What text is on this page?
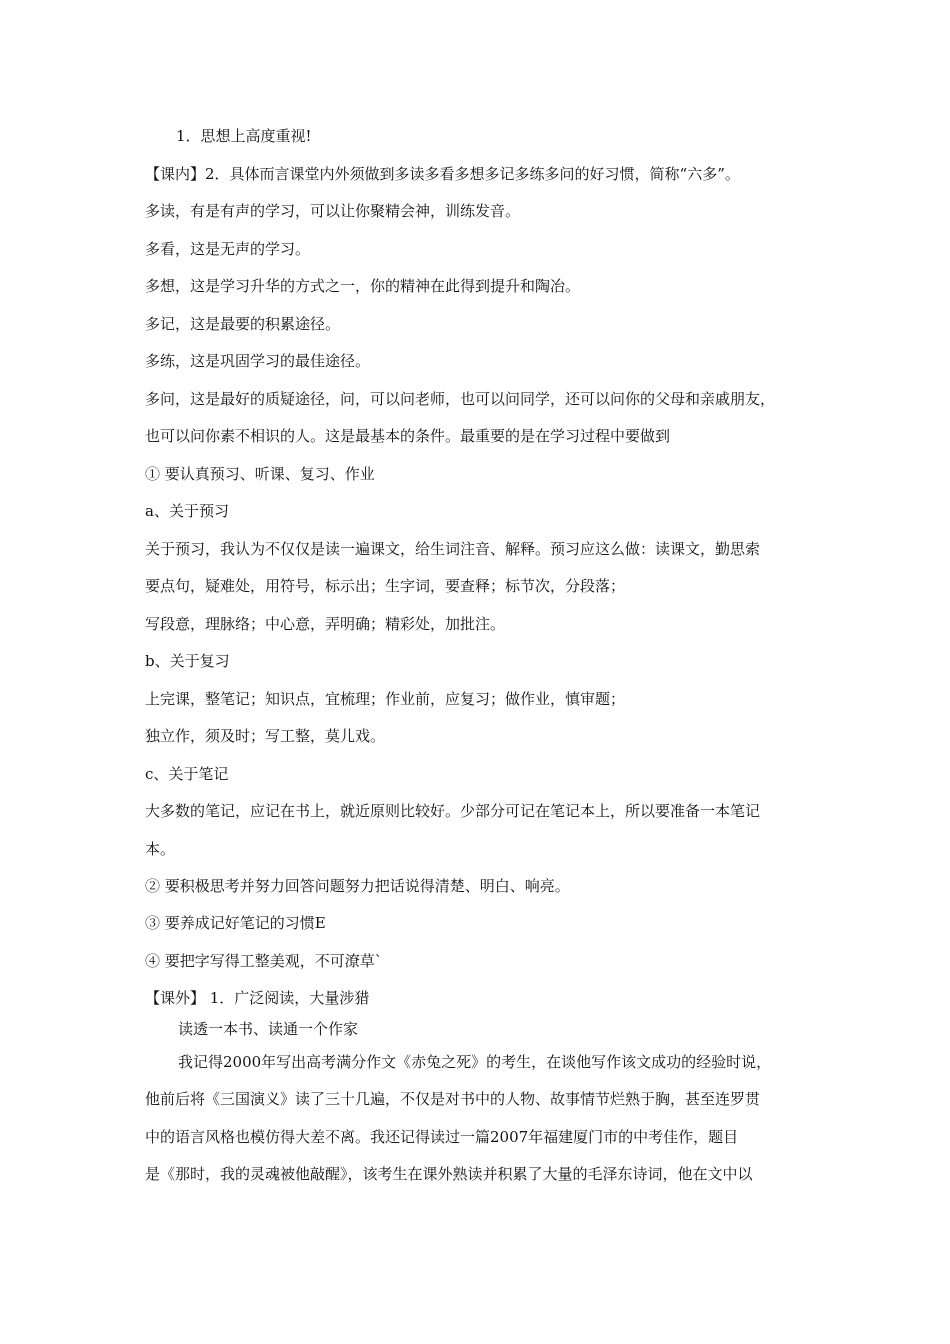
1．思想上高度重视!
【课内】2．具体而言课堂内外须做到多读多看多想多记多练多问的好习惯，简称“六多”。
多读，有是有声的学习，可以让你聚精会神，训练发音。
多看，这是无声的学习。
多想，这是学习升华的方式之一，你的精神在此得到提升和陶冶。
多记，这是最要的积累途径。
多练，这是巩固学习的最佳途径。
多问，这是最好的质疑途径，问，可以问老师，也可以问同学，还可以问你的父母和亲戚朋友，
也可以问你素不相识的人。这是最基本的条件。最重要的是在学习过程中要做到
① 要认真预习、听课、复习、作业
a、关于预习
关于预习，我认为不仅仅是读一遍课文，给生词注音、解释。预习应这么做：读课文，勤思索
要点句，疑难处，用符号，标示出；生字词，要查释；标节次，分段落；
写段意，理脉络；中心意，弄明确；精彩处，加批注。
b、关于复习
上完课，整笔记；知识点，宜梳理；作业前，应复习；做作业，慎审题；
独立作，须及时；写工整，莫儿戏。
c、关于笔记
大多数的笔记，应记在书上，就近原则比较好。少部分可记在笔记本上，所以要准备一本笔记
本。
② 要积极思考并努力回答问题努力把话说得清楚、明白、响亮。
③ 要养成记好笔记的习惯E
④ 要把字写得工整美观，不可潦草`
【课外】 1．广泛阅读，大量涉猎
读透一本书、读通一个作家
我记得2000年写出高考满分作文《赤兔之死》的考生，在谈他写作该文成功的经验时说，
他前后将《三国演义》读了三十几遍，不仅是对书中的人物、故事情节烂熟于胸，甚至连罗贯
中的语言风格也模仿得大差不离。我还记得读过一篇2007年福建厦门市的中考佳作，题目
是《那时，我的灵魂被他敲醒》，该考生在课外熟读并积累了大量的毛泽东诗词，他在文中以
